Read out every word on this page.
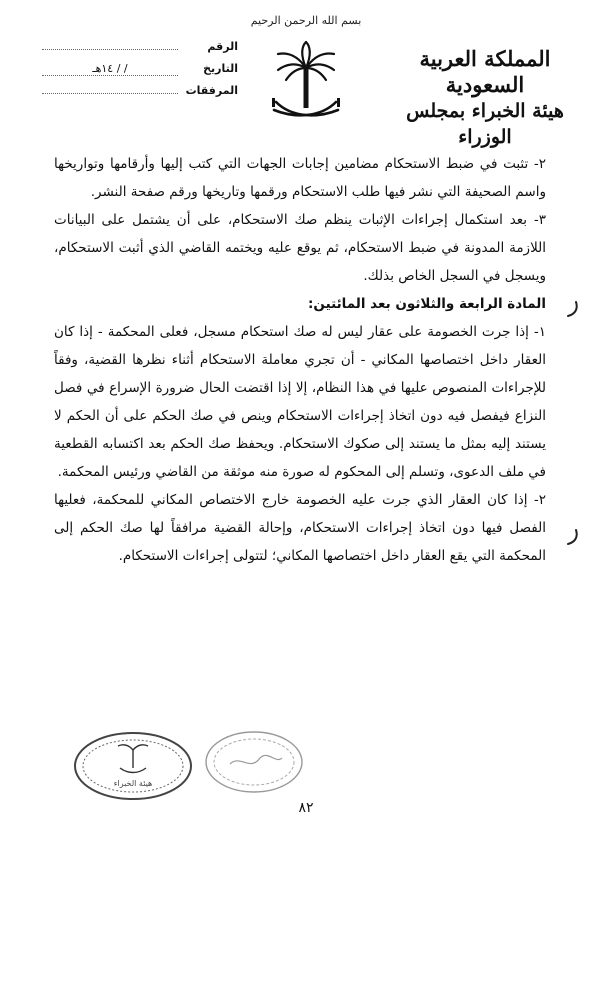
بسم الله الرحمن الرحيم
المملكة العربية السعودية
هيئة الخبراء بمجلس الوزراء
الرقم
التاريخ
/ / ١٤هـ
المرفقات

٢- تثبت في ضبط الاستحكام مضامين إجابات الجهات التي كتب إليها وأرقامها وتواريخها واسم الصحيفة التي نشر فيها طلب الاستحكام ورقمها وتاريخها ورقم صفحة النشر.

٣- بعد استكمال إجراءات الإثبات ينظم صك الاستحكام، على أن يشتمل على البيانات اللازمة المدونة في ضبط الاستحكام، ثم يوقع عليه ويختمه القاضي الذي أثبت الاستحكام، ويسجل في السجل الخاص بذلك.

المادة الرابعة والثلاثون بعد المائتين:

١- إذا جرت الخصومة على عقار ليس له صك استحكام مسجل، فعلى المحكمة - إذا كان العقار داخل اختصاصها المكاني - أن تجري معاملة الاستحكام أثناء نظرها القضية، وفقاً للإجراءات المنصوص عليها في هذا النظام، إلا إذا اقتضت الحال ضرورة الإسراع في فصل النزاع فيفصل فيه دون اتخاذ إجراءات الاستحكام وينص في صك الحكم على أن الحكم لا يستند إليه بمثل ما يستند إلى صكوك الاستحكام. ويحفظ صك الحكم بعد اكتسابه القطعية في ملف الدعوى، وتسلم إلى المحكوم له صورة منه موثقة من القاضي ورئيس المحكمة.

٢- إذا كان العقار الذي جرت عليه الخصومة خارج الاختصاص المكاني للمحكمة، فعليها الفصل فيها دون اتخاذ إجراءات الاستحكام، وإحالة القضية مرافقاً لها صك الحكم إلى المحكمة التي يقع العقار داخل اختصاصها المكاني؛ لتتولى إجراءات الاستحكام.

هيئة الخبراء
٨٢
